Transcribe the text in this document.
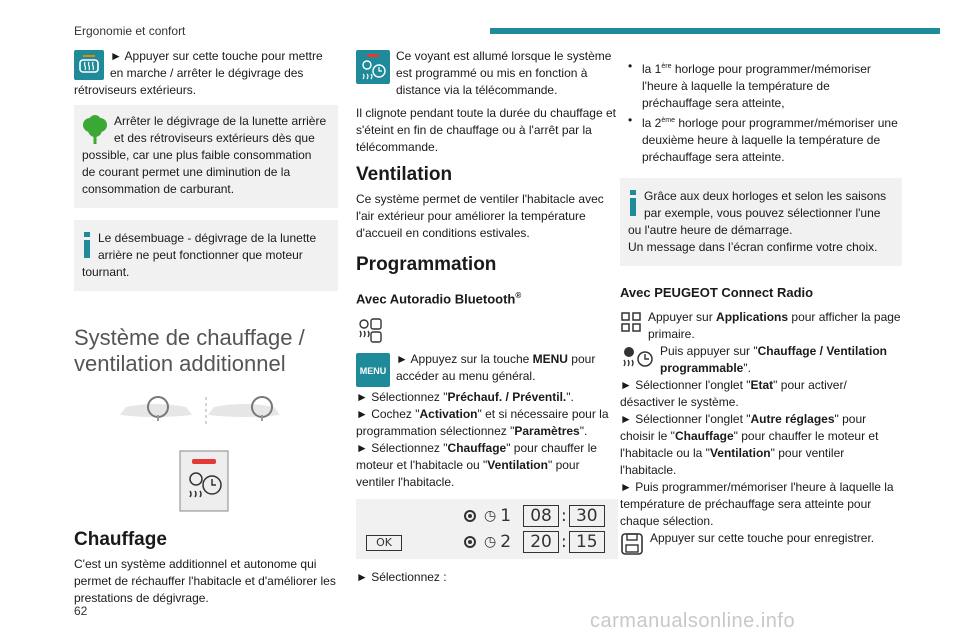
Ergonomie et confort
► Appuyer sur cette touche pour mettre en marche / arrêter le dégivrage des rétroviseurs extérieurs.
Arrêter le dégivrage de la lunette arrière et des rétroviseurs extérieurs dès que possible, car une plus faible consommation de courant permet une diminution de la consommation de carburant.
Le désembuage - dégivrage de la lunette arrière ne peut fonctionner que moteur tournant.
Système de chauffage / ventilation additionnel
Chauffage
C'est un système additionnel et autonome qui permet de réchauffer l'habitacle et d'améliorer les prestations de dégivrage.
Ce voyant est allumé lorsque le système est programmé ou mis en fonction à distance via la télécommande.
Il clignote pendant toute la durée du chauffage et s'éteint en fin de chauffage ou à l'arrêt par la télécommande.
Ventilation
Ce système permet de ventiler l'habitacle avec l'air extérieur pour améliorer la température d'accueil en conditions estivales.
Programmation
Avec Autoradio Bluetooth®
MENU
► Appuyez sur la touche MENU pour accéder au menu général.
► Sélectionnez "Préchauf. / Préventil.".
► Cochez "Activation" et si nécessaire pour la programmation sélectionnez "Paramètres".
► Sélectionnez "Chauffage" pour chauffer le moteur et l'habitacle ou "Ventilation" pour ventiler l'habitacle.
◷ 1	08 : 30
◷ 2	20 : 15
OK
► Sélectionnez :
• la 1ère horloge pour programmer/mémoriser l'heure à laquelle la température de préchauffage sera atteinte,
• la 2ème horloge pour programmer/mémoriser une deuxième heure à laquelle la température de préchauffage sera atteinte.
Grâce aux deux horloges et selon les saisons par exemple, vous pouvez sélectionner l'une ou l'autre heure de démarrage.
Un message dans l’écran confirme votre choix.
Avec PEUGEOT Connect Radio
Appuyer sur Applications pour afficher la page primaire.
Puis appuyer sur "Chauffage / Ventilation programmable".
► Sélectionner l'onglet "Etat" pour activer/ désactiver le système.
► Sélectionner l'onglet "Autre réglages" pour choisir le "Chauffage" pour chauffer le moteur et l'habitacle ou la "Ventilation" pour ventiler l'habitacle.
► Puis programmer/mémoriser l'heure à laquelle la température de préchauffage sera atteinte pour chaque sélection.
Appuyer sur cette touche pour enregistrer.
62	carmanualsonline.info
